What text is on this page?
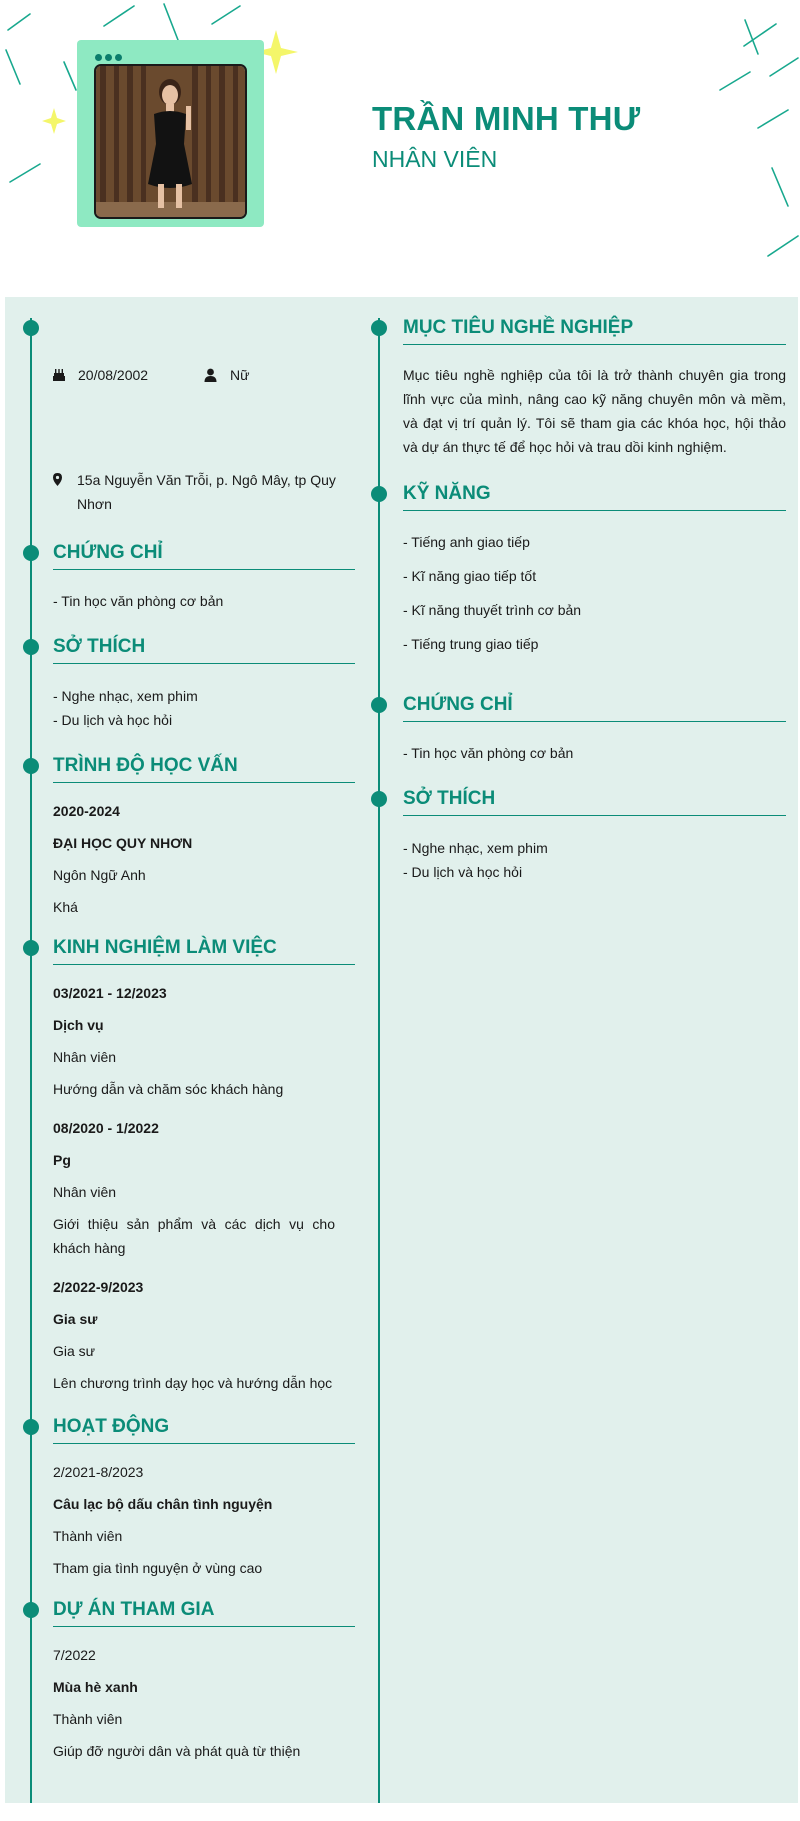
TRẦN MINH THƯ
NHÂN VIÊN
20/08/2002	Nữ
15a Nguyễn Văn Trỗi, p. Ngô Mây, tp Quy Nhơn
CHỨNG CHỈ
- Tin học văn phòng cơ bản
SỞ THÍCH
- Nghe nhạc, xem phim
- Du lịch và học hỏi
TRÌNH ĐỘ HỌC VẤN
2020-2024
ĐẠI HỌC QUY NHƠN
Ngôn Ngữ Anh
Khá
KINH NGHIỆM LÀM VIỆC
03/2021 - 12/2023
Dịch vụ
Nhân viên
Hướng dẫn và chăm sóc khách hàng
08/2020 - 1/2022
Pg
Nhân viên
Giới thiệu sản phẩm và các dịch vụ cho khách hàng
2/2022-9/2023
Gia sư
Gia sư
Lên chương trình dạy học và hướng dẫn học
HOẠT ĐỘNG
2/2021-8/2023
Câu lạc bộ dấu chân tình nguyện
Thành viên
Tham gia tình nguyện ở vùng cao
DỰ ÁN THAM GIA
7/2022
Mùa hè xanh
Thành viên
Giúp đỡ người dân và phát quà từ thiện
MỤC TIÊU NGHỀ NGHIỆP
Mục tiêu nghề nghiệp của tôi là trở thành chuyên gia trong lĩnh vực của mình, nâng cao kỹ năng chuyên môn và mềm, và đạt vị trí quản lý. Tôi sẽ tham gia các khóa học, hội thảo và dự án thực tế để học hỏi và trau dồi kinh nghiệm.
KỸ NĂNG
- Tiếng anh giao tiếp
- Kĩ năng giao tiếp tốt
- Kĩ năng thuyết trình cơ bản
- Tiếng trung giao tiếp
CHỨNG CHỈ
- Tin học văn phòng cơ bản
SỞ THÍCH
- Nghe nhạc, xem phim
- Du lịch và học hỏi
